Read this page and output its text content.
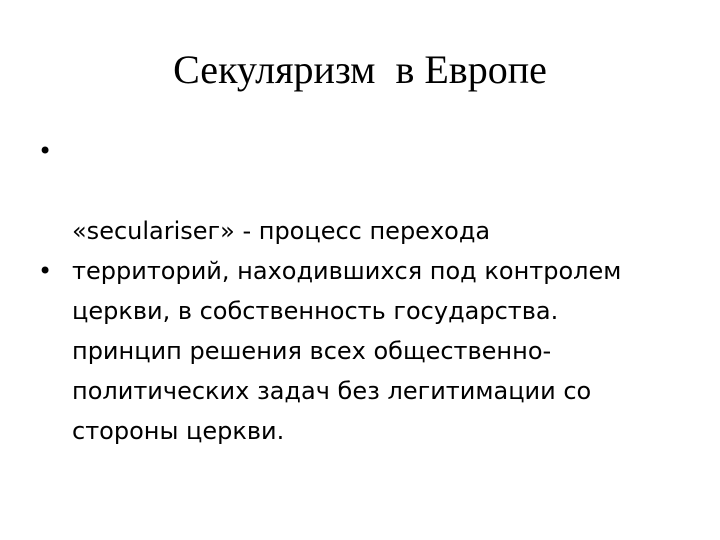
Секуляризм  в Европе

•

«secularisег» - процесс перехода
территорий, находившихся под контролем
церкви, в собственность государства.

•

принцип решения всех общественно-
политических задач без легитимации со
стороны церкви.
